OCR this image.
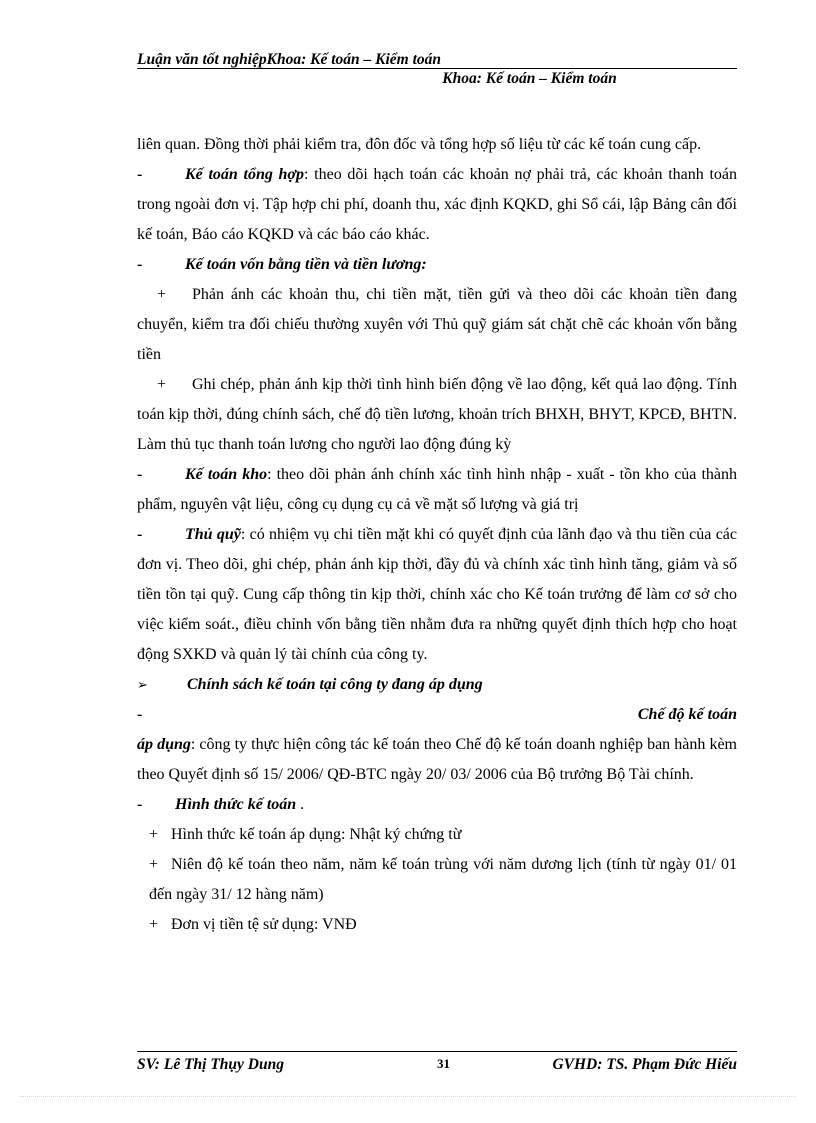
Luận văn tốt nghiệpKhoa: Kế toán – Kiểm toán
Khoa: Kế toán – Kiểm toán

liên quan. Đồng thời phải kiểm tra, đôn đốc và tổng hợp số liệu từ các kế toán cung cấp.

-	Kế toán tổng hợp: theo dõi hạch toán các khoản nợ phải trả, các khoản thanh toán trong ngoài đơn vị. Tập hợp chi phí, doanh thu, xác định KQKD, ghi Sổ cái, lập Bảng cân đối kế toán, Báo cáo KQKD và các báo cáo khác.

-	Kế toán vốn bằng tiền và tiền lương:

+ Phản ánh các khoản thu, chi tiền mặt, tiền gửi và theo dõi các khoản tiền đang chuyển, kiểm tra đối chiếu thường xuyên với Thủ quỹ giám sát chặt chẽ các khoản vốn bằng tiền

+ Ghi chép, phản ánh kịp thời tình hình biến động về lao động, kết quả lao động. Tính toán kịp thời, đúng chính sách, chế độ tiền lương, khoản trích BHXH, BHYT, KPCĐ, BHTN. Làm thủ tục thanh toán lương cho người lao động đúng kỳ

-	Kế toán kho: theo dõi phản ánh chính xác tình hình nhập - xuất - tồn kho của thành phẩm, nguyên vật liệu, công cụ dụng cụ cả về mặt số lượng và giá trị

-	Thủ quỹ: có nhiệm vụ chi tiền mặt khi có quyết định của lãnh đạo và thu tiền của các đơn vị. Theo dõi, ghi chép, phản ánh kịp thời, đầy đủ và chính xác tình hình tăng, giảm và số tiền tồn tại quỹ. Cung cấp thông tin kịp thời, chính xác cho Kế toán trưởng để làm cơ sở cho việc kiểm soát., điều chỉnh vốn bằng tiền nhằm đưa ra những quyết định thích hợp cho hoạt động SXKD và quản lý tài chính của công ty.

➢ Chính sách kế toán tại công ty đang áp dụng

-	Chế độ kế toán

áp dụng: công ty thực hiện công tác kế toán theo Chế độ kế toán doanh nghiệp ban hành kèm theo Quyết định số 15/ 2006/ QĐ-BTC ngày 20/ 03/ 2006 của Bộ trưởng Bộ Tài chính.

- Hình thức kế toán .

+ Hình thức kế toán áp dụng: Nhật ký chứng từ

+ Niên độ kế toán theo năm, năm kế toán trùng với năm dương lịch (tính từ ngày 01/ 01 đến ngày 31/ 12 hàng năm)

+ Đơn vị tiền tệ sử dụng: VNĐ

SV: Lê Thị Thụy Dung	31	GVHD: TS. Phạm Đức Hiếu
